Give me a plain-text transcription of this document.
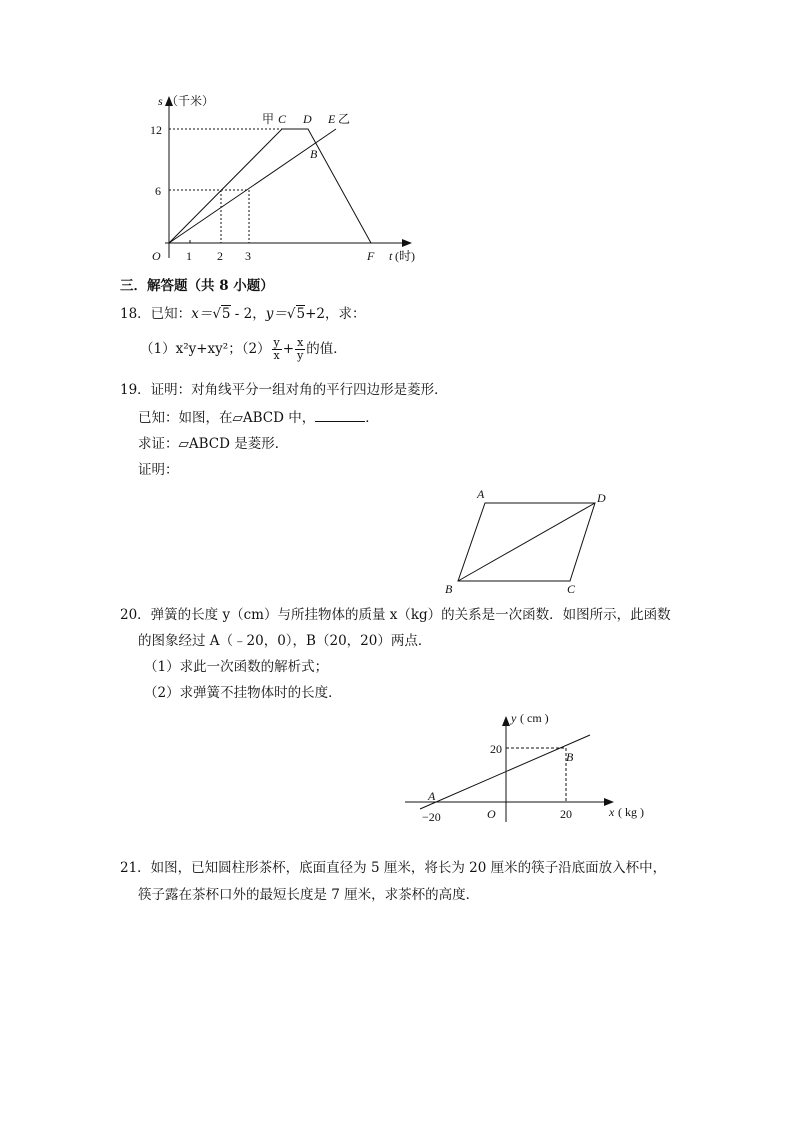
s （千米）
12
6
O 1 2 3	F t (时)
甲 C D E 乙
B
三．解答题（共 8 小题）
18．已知：x＝√5 - 2，y＝√5+2，求：
（1）x²y+xy²；$(2) \frac{y}{x} + \frac{x}{y}$ 的值．
19．证明：对角线平分一组对角的平行四边形是菱形．
已知：如图，在▱ABCD 中，	．
求证：▱ABCD 是菱形．
证明：
A	D
B	C
20．弹簧的长度 y（cm）与所挂物体的质量 x（kg）的关系是一次函数．如图所示，此函数
的图象经过 A（﹣20，0），B（20，20）两点．
（1）求此一次函数的解析式；
（2）求弹簧不挂物体时的长度．
y ( cm )
20
B
A
−20	O	20	x ( kg )
21．如图，已知圆柱形茶杯，底面直径为 5 厘米，将长为 20 厘米的筷子沿底面放入杯中，
筷子露在茶杯口外的最短长度是 7 厘米，求茶杯的高度．
